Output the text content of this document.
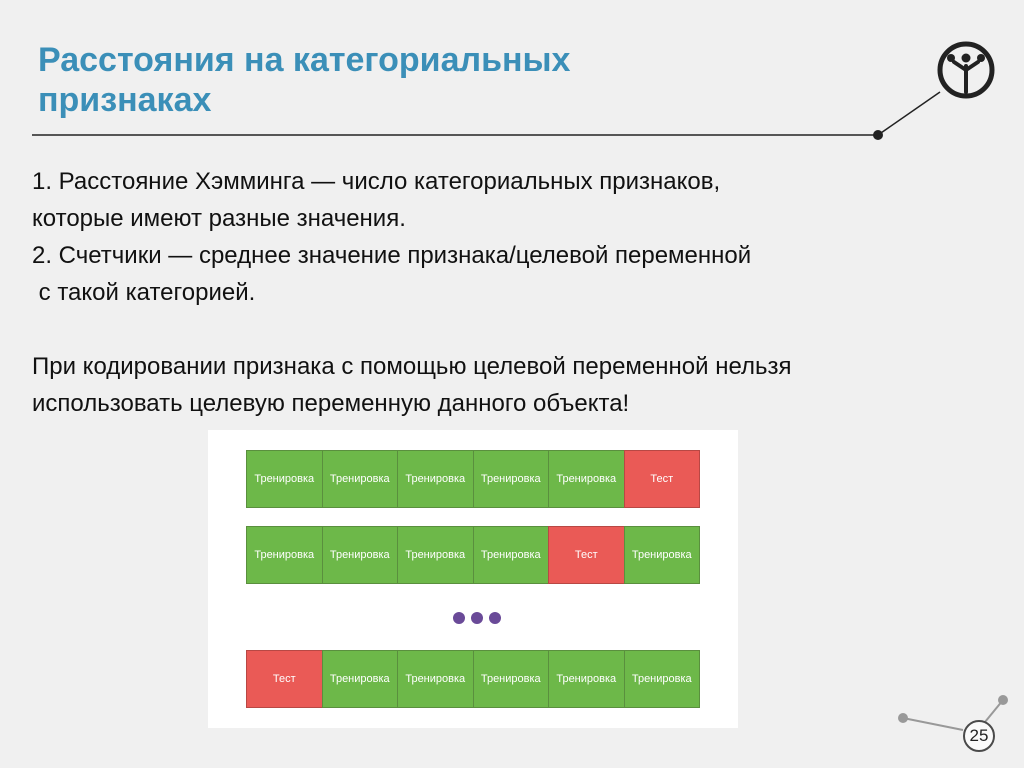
Расстояния на категориальных признаках
1. Расстояние Хэмминга — число категориальных признаков,
которые имеют разные значения.
2. Счетчики — среднее значение признака/целевой переменной
с такой категорией.
При кодировании признака с помощью целевой переменной нельзя
использовать целевую переменную данного объекта!
Тренировка	Тренировка	Тренировка	Тренировка	Тренировка	Тест
Тренировка	Тренировка	Тренировка	Тренировка	Тест	Тренировка
Тест	Тренировка	Тренировка	Тренировка	Тренировка	Тренировка
25
